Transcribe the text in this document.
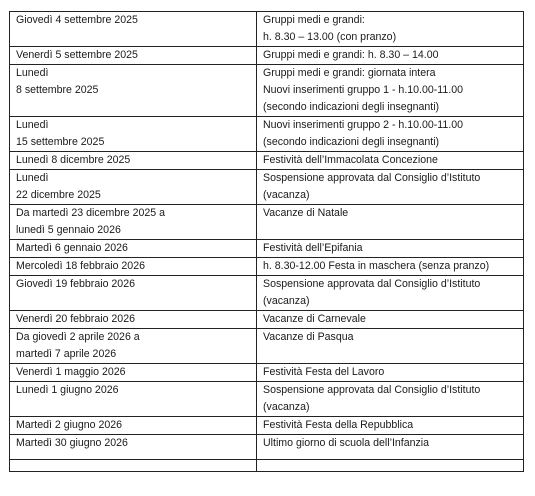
Giovedì 4 settembre 2025	Gruppi medi e grandi:
h. 8.30 – 13.00 (con pranzo)

Venerdì 5 settembre 2025	Gruppi medi e grandi: h. 8.30 – 14.00

Lunedì
8 settembre 2025	Gruppi medi e grandi: giornata intera
Nuovi inserimenti gruppo 1 - h.10.00-11.00
(secondo indicazioni degli insegnanti)

Lunedì
15 settembre 2025	Nuovi inserimenti gruppo 2 - h.10.00-11.00
(secondo indicazioni degli insegnanti)

Lunedì 8 dicembre 2025	Festività dell’Immacolata Concezione

Lunedì
22 dicembre 2025	Sospensione approvata dal Consiglio d’Istituto
(vacanza)

Da martedì 23 dicembre 2025 a
lunedì 5 gennaio 2026	Vacanze di Natale

Martedì 6 gennaio 2026	Festività dell’Epifania

Mercoledì 18 febbraio 2026	h. 8.30-12.00 Festa in maschera (senza pranzo)

Giovedì 19 febbraio 2026	Sospensione approvata dal Consiglio d’Istituto
(vacanza)

Venerdì 20 febbraio 2026	Vacanze di Carnevale

Da giovedì 2 aprile 2026 a
martedì 7 aprile 2026	Vacanze di Pasqua

Venerdì 1 maggio 2026	Festività Festa del Lavoro

Lunedì 1 giugno 2026	Sospensione approvata dal Consiglio d’Istituto
(vacanza)

Martedì 2 giugno 2026	Festività Festa della Repubblica

Martedì 30 giugno 2026	Ultimo giorno di scuola dell’Infanzia
